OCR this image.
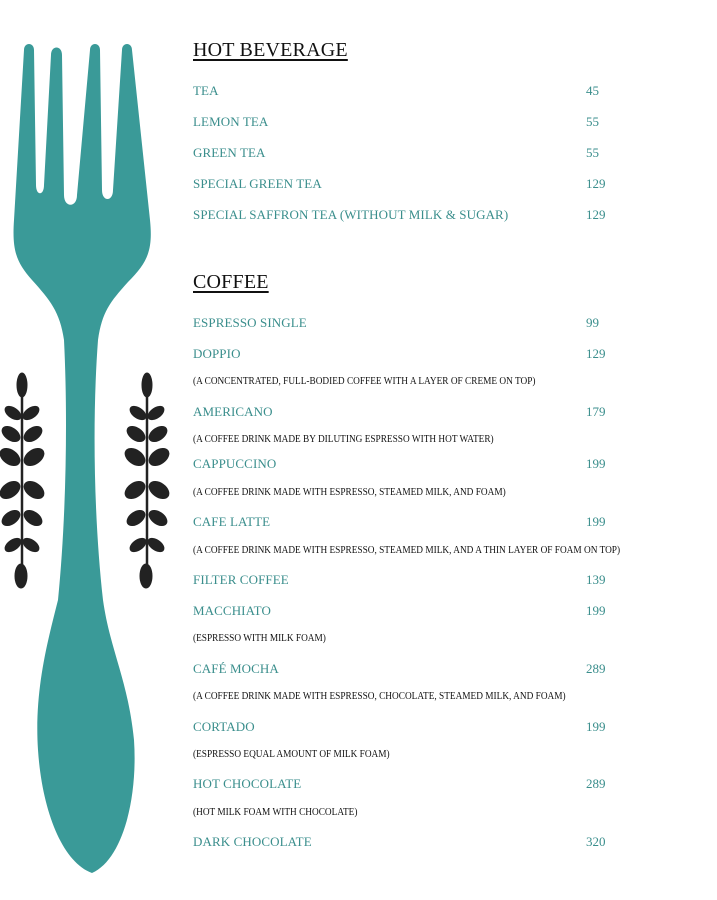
HOT BEVERAGE
TEA	45
LEMON TEA	55
GREEN TEA	55
SPECIAL GREEN TEA	129
SPECIAL SAFFRON TEA (WITHOUT MILK & SUGAR)	129
COFFEE
ESPRESSO SINGLE	99
DOPPIO	129
(A CONCENTRATED, FULL-BODIED COFFEE WITH A LAYER OF CREME ON TOP)
AMERICANO	179
(A COFFEE DRINK MADE BY DILUTING ESPRESSO WITH HOT WATER)
CAPPUCCINO	199
(A COFFEE DRINK MADE WITH ESPRESSO, STEAMED MILK, AND FOAM)
CAFE LATTE	199
(A COFFEE DRINK MADE WITH ESPRESSO, STEAMED MILK, AND A THIN LAYER OF FOAM ON TOP)
FILTER COFFEE	139
MACCHIATO	199
(ESPRESSO WITH MILK FOAM)
CAFÉ MOCHA	289
(A COFFEE DRINK MADE WITH ESPRESSO, CHOCOLATE, STEAMED MILK, AND FOAM)
CORTADO	199
(ESPRESSO EQUAL AMOUNT OF MILK FOAM)
HOT CHOCOLATE	289
(HOT MILK FOAM WITH CHOCOLATE)
DARK CHOCOLATE	320
